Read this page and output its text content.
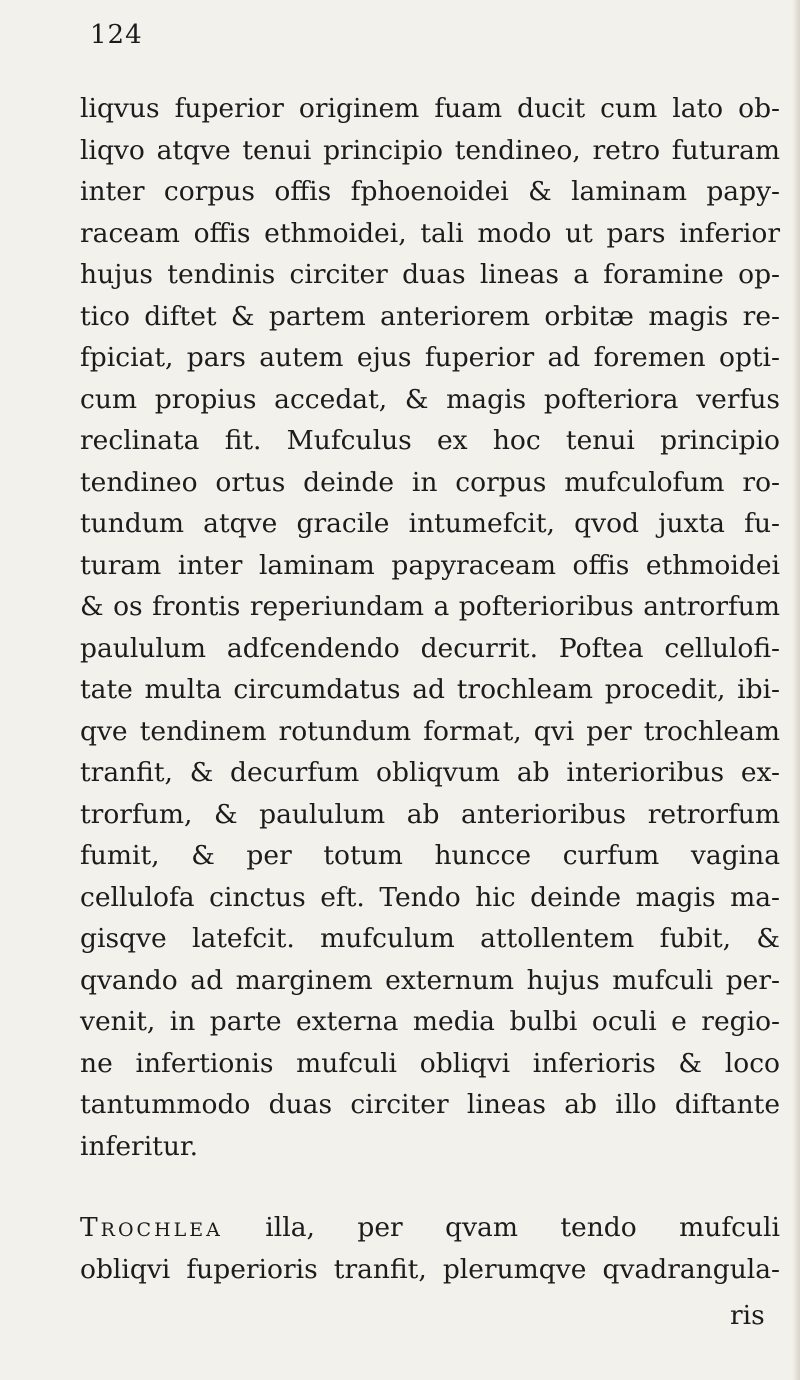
124
liqvus fuperior originem fuam ducit cum lato ob-
liqvo atqve tenui principio tendineo, retro futuram
inter corpus offis fphoenoidei & laminam papy-
raceam offis ethmoidei, tali modo ut pars inferior
hujus tendinis circiter duas lineas a foramine op-
tico diftet & partem anteriorem orbitæ magis re-
fpiciat, pars autem ejus fuperior ad foremen opti-
cum propius accedat, & magis pofteriora verfus
reclinata fit. Mufculus ex hoc tenui principio
tendineo ortus deinde in corpus mufculofum ro-
tundum atqve gracile intumefcit, qvod juxta fu-
turam inter laminam papyraceam offis ethmoidei
& os frontis reperiundam a pofterioribus antrorfum
paululum adfcendendo decurrit. Poftea cellulofi-
tate multa circumdatus ad trochleam procedit, ibi-
qve tendinem rotundum format, qvi per trochleam
tranfit, & decurfum obliqvum ab interioribus ex-
trorfum, & paululum ab anterioribus retrorfum
fumit, & per totum huncce curfum vagina
cellulofa cinctus eft. Tendo hic deinde magis ma-
gisqve latefcit. mufculum attollentem fubit, &
qvando ad marginem externum hujus mufculi per-
venit, in parte externa media bulbi oculi e regio-
ne infertionis mufculi obliqvi inferioris & loco
tantummodo duas circiter lineas ab illo diftante
inferitur.
Trochlea illa, per qvam tendo mufculi
obliqvi fuperioris tranfit, plerumqve qvadrangula-
ris
